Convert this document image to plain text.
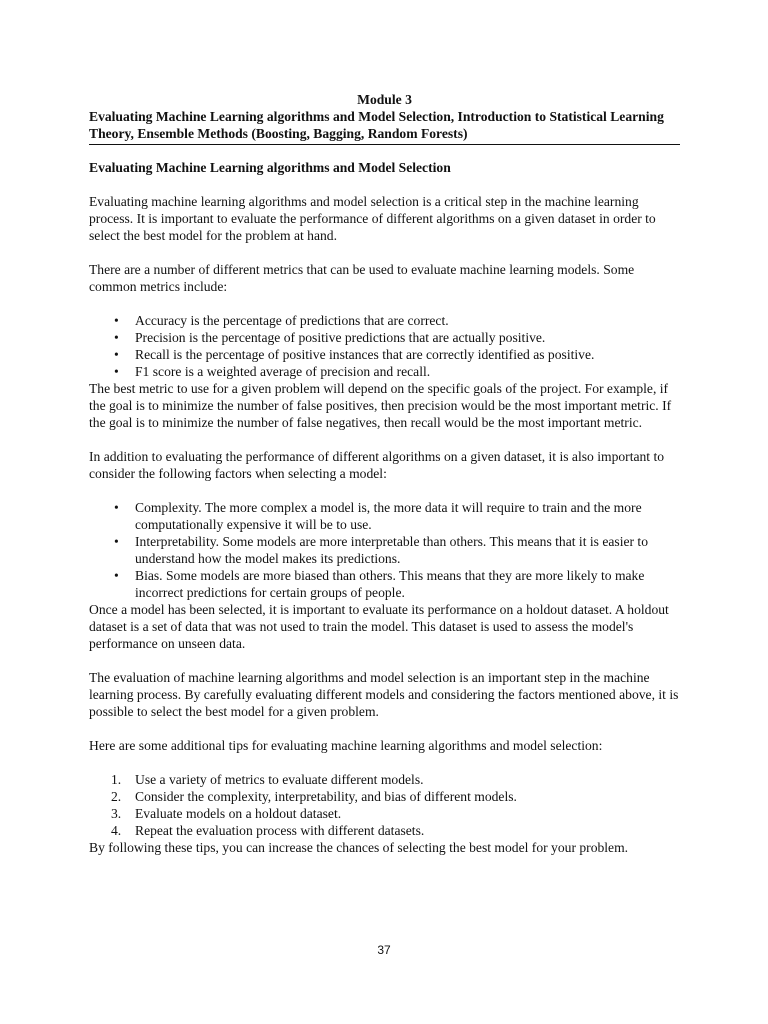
Module 3

Evaluating Machine Learning algorithms and Model Selection, Introduction to Statistical Learning Theory, Ensemble Methods (Boosting, Bagging, Random Forests)

Evaluating Machine Learning algorithms and Model Selection

Evaluating machine learning algorithms and model selection is a critical step in the machine learning process. It is important to evaluate the performance of different algorithms on a given dataset in order to select the best model for the problem at hand.

There are a number of different metrics that can be used to evaluate machine learning models. Some common metrics include:

• Accuracy is the percentage of predictions that are correct.
• Precision is the percentage of positive predictions that are actually positive.
• Recall is the percentage of positive instances that are correctly identified as positive.
• F1 score is a weighted average of precision and recall.

The best metric to use for a given problem will depend on the specific goals of the project. For example, if the goal is to minimize the number of false positives, then precision would be the most important metric. If the goal is to minimize the number of false negatives, then recall would be the most important metric.

In addition to evaluating the performance of different algorithms on a given dataset, it is also important to consider the following factors when selecting a model:

• Complexity. The more complex a model is, the more data it will require to train and the more computationally expensive it will be to use.
• Interpretability. Some models are more interpretable than others. This means that it is easier to understand how the model makes its predictions.
• Bias. Some models are more biased than others. This means that they are more likely to make incorrect predictions for certain groups of people.

Once a model has been selected, it is important to evaluate its performance on a holdout dataset. A holdout dataset is a set of data that was not used to train the model. This dataset is used to assess the model's performance on unseen data.

The evaluation of machine learning algorithms and model selection is an important step in the machine learning process. By carefully evaluating different models and considering the factors mentioned above, it is possible to select the best model for a given problem.

Here are some additional tips for evaluating machine learning algorithms and model selection:

1. Use a variety of metrics to evaluate different models.
2. Consider the complexity, interpretability, and bias of different models.
3. Evaluate models on a holdout dataset.
4. Repeat the evaluation process with different datasets.

By following these tips, you can increase the chances of selecting the best model for your problem.

37
